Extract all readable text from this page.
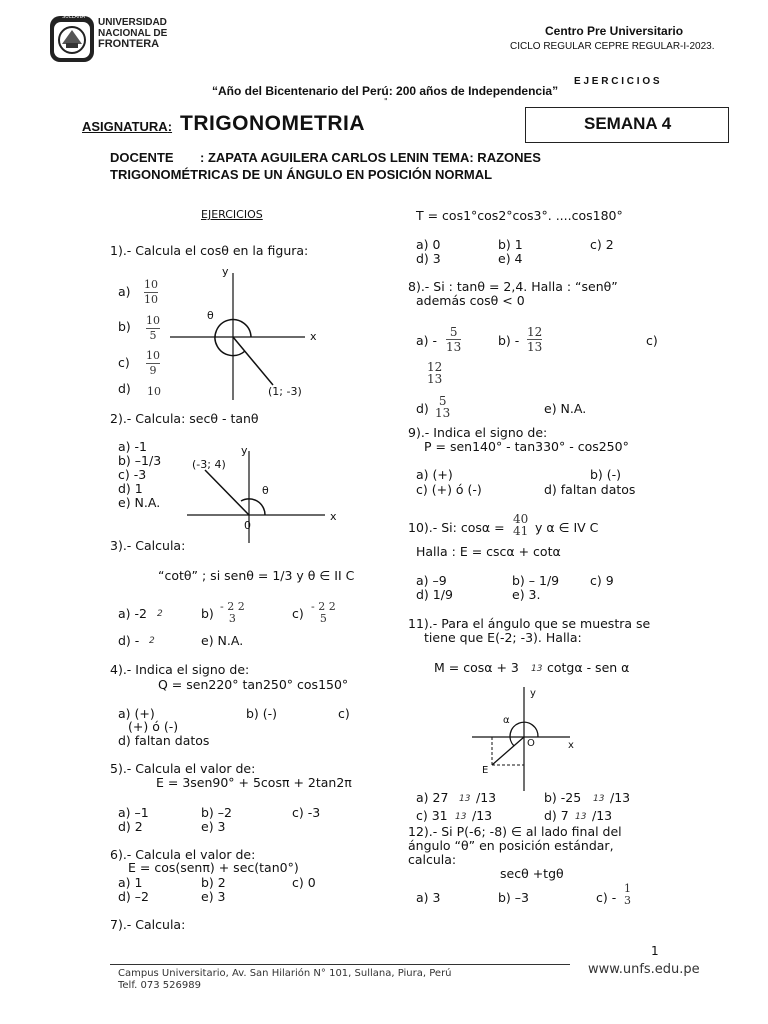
SULLANA UNIVERSIDAD
NACIONAL DE
FRONTERA
Centro Pre Universitario
CICLO REGULAR CEPRE REGULAR-I-2023.
E J E R C I C I O S
“Año del Bicentenario del Perú: 200 años de Independencia”
"
ASIGNATURA: TRIGONOMETRIA	SEMANA 4
DOCENTE : ZAPATA AGUILERA CARLOS LENIN TEMA: RAZONES
TRIGONOMÉTRICAS DE UN ÁNGULO EN POSICIÓN NORMAL
EJERCICIOS
1).- Calcula el cosθ en la figura:
a) 10
10
b) 10
5
c) 10
9
d) 10
y
x
θ
(1; -3)
2).- Calcula: secθ - tanθ
a) -1
b) –1/3
c) -3
d) 1
e) N.A.
y
x
θ
(-3; 4)
0
3).- Calcula:
“cotθ” ; si senθ = 1/3 y θ ∈ II C
a) -2 2	b) - 2 2
3	c) - 2 2
5
d) - 2	e) N.A.
4).- Indica el signo de:
Q = sen220° tan250° cos150°
a) (+)	b) (-)	c)
(+) ó (-)
d) faltan datos
5).- Calcula el valor de:
E = 3sen90° + 5cosπ + 2tan2π
a) –1	b) –2	c) -3
d) 2	e) 3
6).- Calcula el valor de:
E = cos(senπ) + sec(tan0°)
a) 1	b) 2	c) 0
d) –2	e) 3
7).- Calcula:
T = cos1°cos2°cos3°. ....cos180°
a) 0	b) 1	c) 2
d) 3	e) 4
8).- Si : tanθ = 2,4. Halla : “senθ”
además cosθ < 0
a) -
5
13	b) -
12
13	c)
12
13
d) 5
13	e) N.A.
9).- Indica el signo de:
P = sen140° - tan330° - cos250°
a) (+)	b) (-)
c) (+) ó (-)	d) faltan datos
10).- Si: cosα =
40
41 y α ∈ IV C
Halla : E = cscα + cotα
a) –9	b) – 1/9 c) 9
d) 1/9	e) 3.
11).- Para el ángulo que se muestra se
tiene que E(-2; -3). Halla:
M = cosα + 3 13 cotgα - sen α
y
x
α
O
E
a) 27 13 /13	b) -25 13 /13
c) 31 13 /13	d) 7 13 /13
12).- Si P(-6; -8) ∈ al lado final del
ángulo “θ” en posición estándar,
calcula:
secθ +tgθ
a) 3	b) –3	c) -
1
3
1
Campus Universitario, Av. San Hilarión N° 101, Sullana, Piura, Perú
Telf. 073 526989
www.unfs.edu.pe
